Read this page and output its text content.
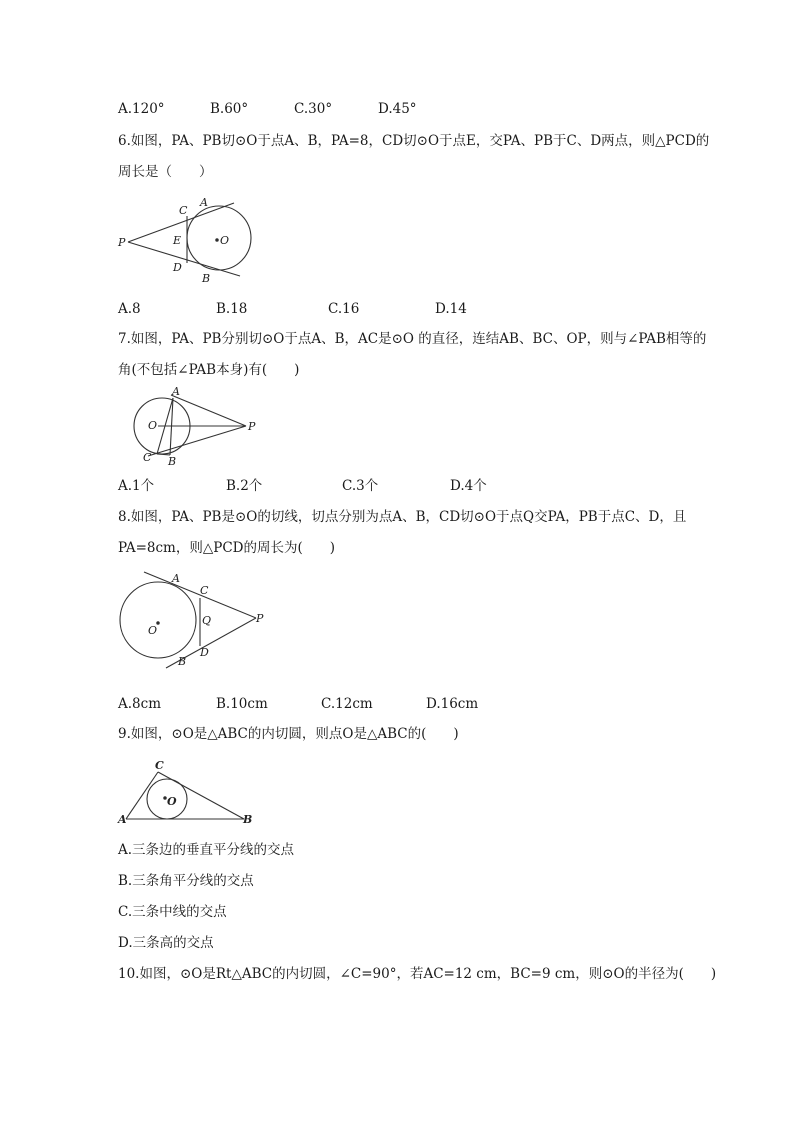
A.120°	B.60°	C.30°	D.45°
6.如图，PA、PB切⊙O于点A、B，PA=8，CD切⊙O于点E，交PA、PB于C、D两点，则△PCD的
周长是（　　）
P
C
A
E	O
D
B
A.8	B.18	C.16	D.14
7.如图，PA、PB分别切⊙O于点A、B，AC是⊙O 的直径，连结AB、BC、OP，则与∠PAB相等的
角(不包括∠PAB本身)有(　　)
A
O	P
C B
A.1个	B.2个	C.3个	D.4个
8.如图，PA、PB是⊙O的切线，切点分别为点A、B，CD切⊙O于点Q交PA，PB于点C、D，且
PA=8cm，则△PCD的周长为(　　)
A
C
Q	P
O
B
D
A.8cm	B.10cm	C.12cm	D.16cm
9.如图，⊙O是△ABC的内切圆，则点O是△ABC的(　　)
C
O
A	B
A.三条边的垂直平分线的交点
B.三条角平分线的交点
C.三条中线的交点
D.三条高的交点
10.如图，⊙O是Rt△ABC的内切圆，∠C=90°，若AC=12 cm，BC=9 cm，则⊙O的半径为(　　)
